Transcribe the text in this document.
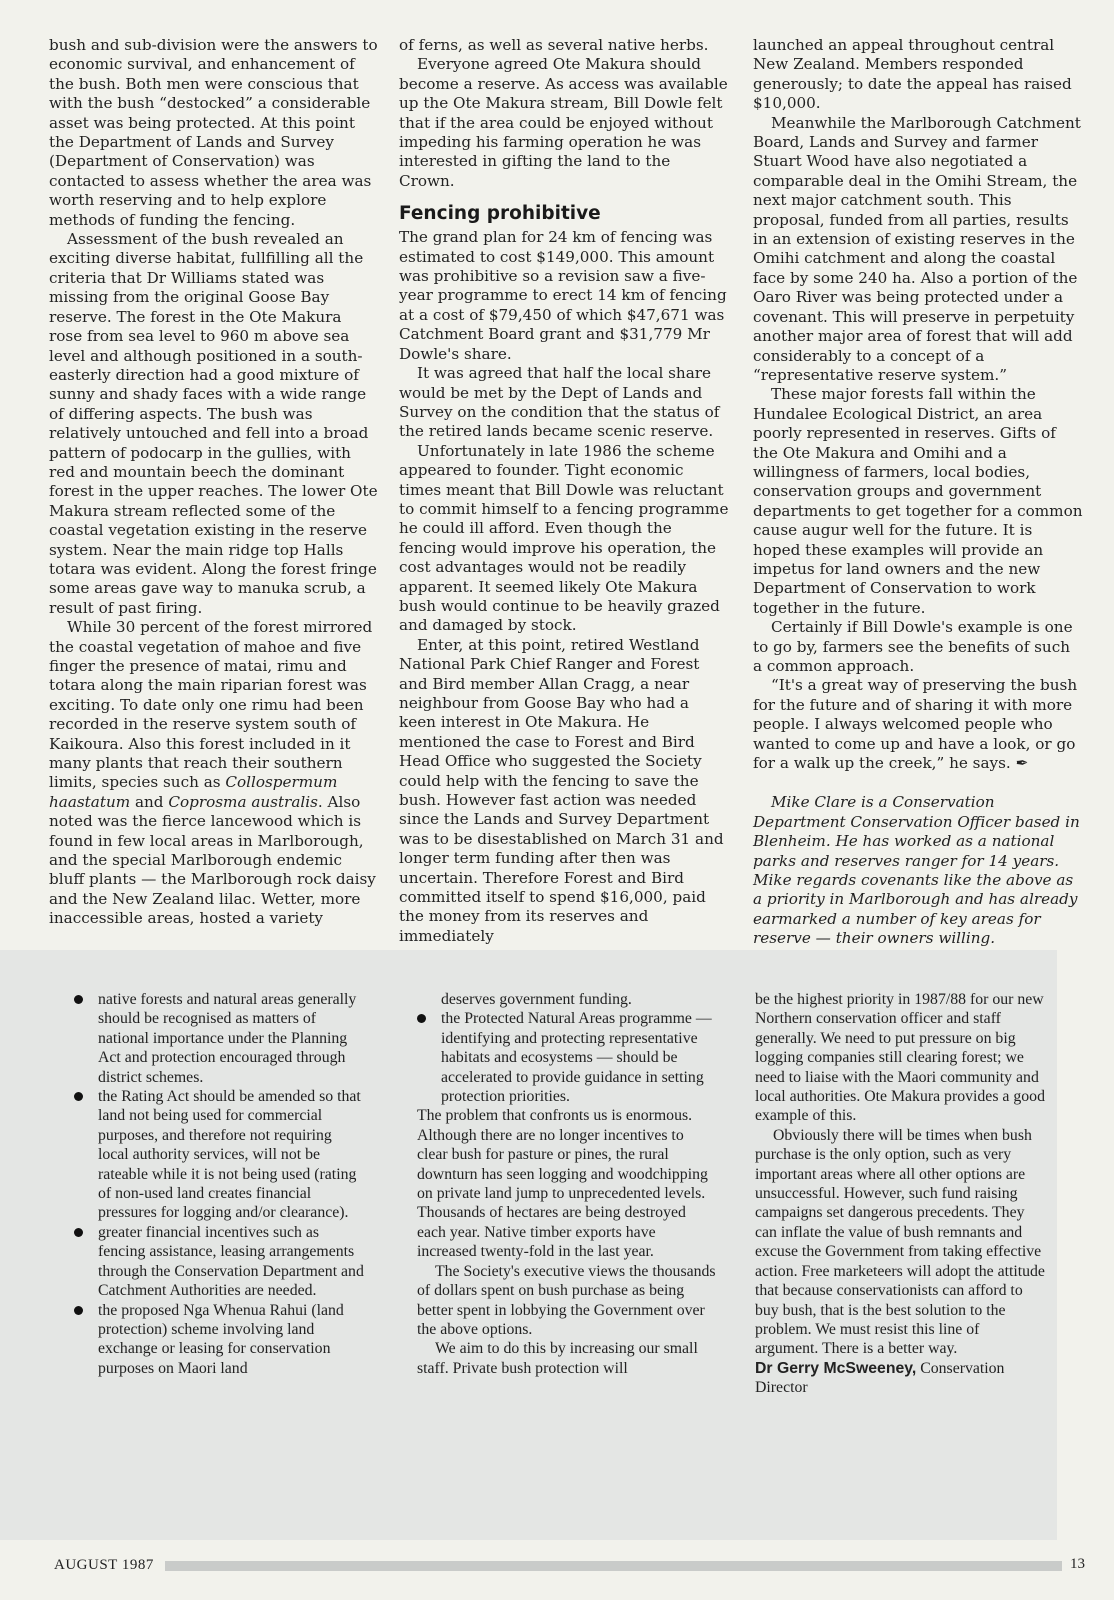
bush and sub-division were the answers to economic survival, and enhancement of the bush. Both men were conscious that with the bush “destocked” a considerable asset was being protected. At this point the Department of Lands and Survey (Department of Conservation) was contacted to assess whether the area was worth reserving and to help explore methods of funding the fencing.

Assessment of the bush revealed an exciting diverse habitat, fullfilling all the criteria that Dr Williams stated was missing from the original Goose Bay reserve. The forest in the Ote Makura rose from sea level to 960 m above sea level and although positioned in a south-easterly direction had a good mixture of sunny and shady faces with a wide range of differing aspects. The bush was relatively untouched and fell into a broad pattern of podocarp in the gullies, with red and mountain beech the dominant forest in the upper reaches. The lower Ote Makura stream reflected some of the coastal vegetation existing in the reserve system. Near the main ridge top Halls totara was evident. Along the forest fringe some areas gave way to manuka scrub, a result of past firing.

While 30 percent of the forest mirrored the coastal vegetation of mahoe and five finger the presence of matai, rimu and totara along the main riparian forest was exciting. To date only one rimu had been recorded in the reserve system south of Kaikoura. Also this forest included in it many plants that reach their southern limits, species such as Collospermum haastatum and Coprosma australis. Also noted was the fierce lancewood which is found in few local areas in Marlborough, and the special Marlborough endemic bluff plants — the Marlborough rock daisy and the New Zealand lilac. Wetter, more inaccessible areas, hosted a variety

of ferns, as well as several native herbs.

Everyone agreed Ote Makura should become a reserve. As access was available up the Ote Makura stream, Bill Dowle felt that if the area could be enjoyed without impeding his farming operation he was interested in gifting the land to the Crown.

Fencing prohibitive

The grand plan for 24 km of fencing was estimated to cost $149,000. This amount was prohibitive so a revision saw a five-year programme to erect 14 km of fencing at a cost of $79,450 of which $47,671 was Catchment Board grant and $31,779 Mr Dowle's share.

It was agreed that half the local share would be met by the Dept of Lands and Survey on the condition that the status of the retired lands became scenic reserve.

Unfortunately in late 1986 the scheme appeared to founder. Tight economic times meant that Bill Dowle was reluctant to commit himself to a fencing programme he could ill afford. Even though the fencing would improve his operation, the cost advantages would not be readily apparent. It seemed likely Ote Makura bush would continue to be heavily grazed and damaged by stock.

Enter, at this point, retired Westland National Park Chief Ranger and Forest and Bird member Allan Cragg, a near neighbour from Goose Bay who had a keen interest in Ote Makura. He mentioned the case to Forest and Bird Head Office who suggested the Society could help with the fencing to save the bush. However fast action was needed since the Lands and Survey Department was to be disestablished on March 31 and longer term funding after then was uncertain. Therefore Forest and Bird committed itself to spend $16,000, paid the money from its reserves and immediately

launched an appeal throughout central New Zealand. Members responded generously; to date the appeal has raised $10,000.

Meanwhile the Marlborough Catchment Board, Lands and Survey and farmer Stuart Wood have also negotiated a comparable deal in the Omihi Stream, the next major catchment south. This proposal, funded from all parties, results in an extension of existing reserves in the Omihi catchment and along the coastal face by some 240 ha. Also a portion of the Oaro River was being protected under a covenant. This will preserve in perpetuity another major area of forest that will add considerably to a concept of a “representative reserve system.”

These major forests fall within the Hundalee Ecological District, an area poorly represented in reserves. Gifts of the Ote Makura and Omihi and a willingness of farmers, local bodies, conservation groups and government departments to get together for a common cause augur well for the future. It is hoped these examples will provide an impetus for land owners and the new Department of Conservation to work together in the future.

Certainly if Bill Dowle's example is one to go by, farmers see the benefits of such a common approach.

“It's a great way of preserving the bush for the future and of sharing it with more people. I always welcomed people who wanted to come up and have a look, or go for a walk up the creek,” he says. ✒

Mike Clare is a Conservation Department Conservation Officer based in Blenheim. He has worked as a national parks and reserves ranger for 14 years. Mike regards covenants like the above as a priority in Marlborough and has already earmarked a number of key areas for reserve — their owners willing.

native forests and natural areas generally should be recognised as matters of national importance under the Planning Act and protection encouraged through district schemes.

the Rating Act should be amended so that land not being used for commercial purposes, and therefore not requiring local authority services, will not be rateable while it is not being used (rating of non-used land creates financial pressures for logging and/or clearance).

greater financial incentives such as fencing assistance, leasing arrangements through the Conservation Department and Catchment Authorities are needed.

the proposed Nga Whenua Rahui (land protection) scheme involving land exchange or leasing for conservation purposes on Maori land

deserves government funding.

the Protected Natural Areas programme — identifying and protecting representative habitats and ecosystems — should be accelerated to provide guidance in setting protection priorities.

The problem that confronts us is enormous. Although there are no longer incentives to clear bush for pasture or pines, the rural downturn has seen logging and woodchipping on private land jump to unprecedented levels. Thousands of hectares are being destroyed each year. Native timber exports have increased twenty-fold in the last year.

The Society's executive views the thousands of dollars spent on bush purchase as being better spent in lobbying the Government over the above options.

We aim to do this by increasing our small staff. Private bush protection will

be the highest priority in 1987/88 for our new Northern conservation officer and staff generally. We need to put pressure on big logging companies still clearing forest; we need to liaise with the Maori community and local authorities. Ote Makura provides a good example of this.

Obviously there will be times when bush purchase is the only option, such as very important areas where all other options are unsuccessful. However, such fund raising campaigns set dangerous precedents. They can inflate the value of bush remnants and excuse the Government from taking effective action. Free marketeers will adopt the attitude that because conservationists can afford to buy bush, that is the best solution to the problem. We must resist this line of argument. There is a better way.

Dr Gerry McSweeney, Conservation Director

AUGUST 1987	13
